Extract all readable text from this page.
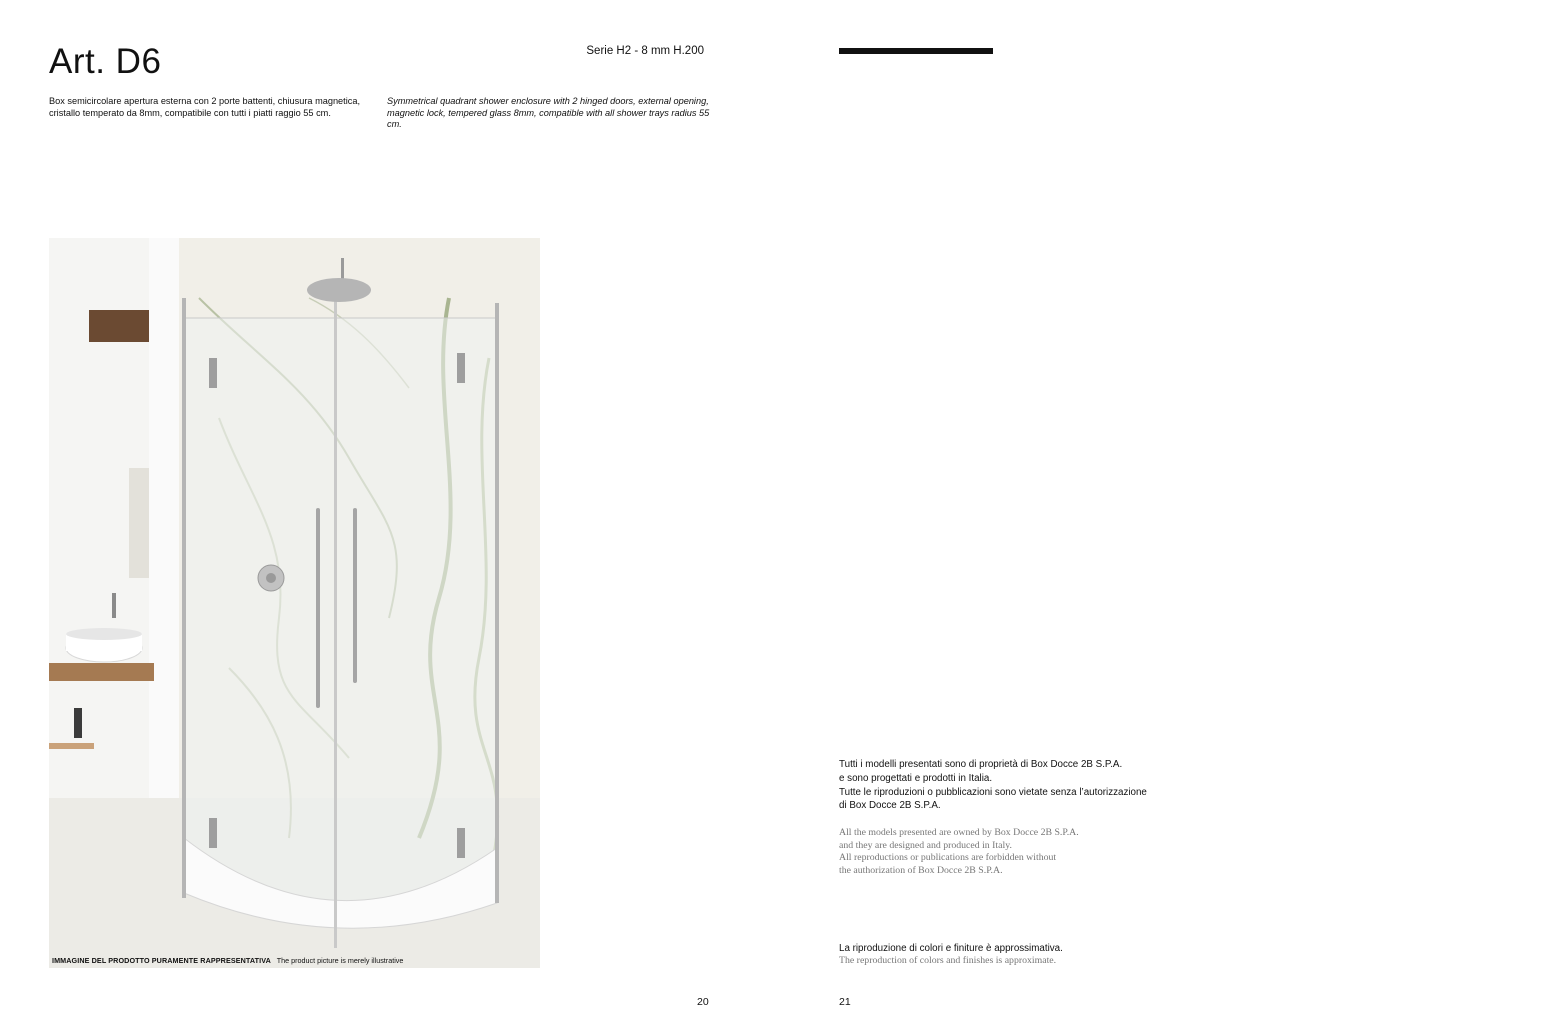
Art. D6	Serie H2 - 8 mm H.200
Box semicircolare apertura esterna con 2 porte battenti, chiusura magnetica, cristallo temperato da 8mm, compatibile con tutti i piatti raggio 55 cm.
Symmetrical quadrant shower enclosure with 2 hinged doors, external opening, magnetic lock, tempered glass 8mm, compatible with all shower trays radius 55 cm.
IMMAGINE DEL PRODOTTO PURAMENTE RAPPRESENTATIVA The product picture is merely illustrative
20
Tutti i modelli presentati sono di proprietà di Box Docce 2B S.P.A.
e sono progettati e prodotti in Italia.
Tutte le riproduzioni o pubblicazioni sono vietate senza l’autorizzazione
di Box Docce 2B S.P.A.
All the models presented are owned by Box Docce 2B S.P.A.
and they are designed and produced in Italy.
All reproductions or publications are forbidden without
the authorization of Box Docce 2B S.P.A.
La riproduzione di colori e finiture è approssimativa.
The reproduction of colors and finishes is approximate.
21
